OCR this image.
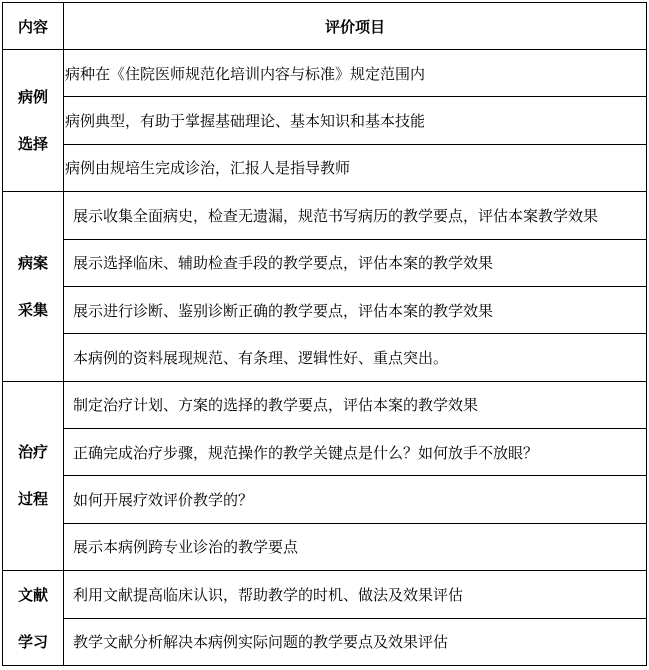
内容	评价项目

病例
选择	病种在《住院医师规范化培训内容与标准》规定范围内
	病例典型，有助于掌握基础理论、基本知识和基本技能
	病例由规培生完成诊治，汇报人是指导教师

病案
采集	展示收集全面病史，检查无遗漏，规范书写病历的教学要点，评估本案教学效果
	展示选择临床、辅助检查手段的教学要点，评估本案的教学效果
	展示进行诊断、鉴别诊断正确的教学要点，评估本案的教学效果
	本病例的资料展现规范、有条理、逻辑性好、重点突出。

治疗
过程	制定治疗计划、方案的选择的教学要点，评估本案的教学效果
	正确完成治疗步骤，规范操作的教学关键点是什么？如何放手不放眼？
	如何开展疗效评价教学的？
	展示本病例跨专业诊治的教学要点

文献
学习	利用文献提高临床认识，帮助教学的时机、做法及效果评估
	教学文献分析解决本病例实际问题的教学要点及效果评估
